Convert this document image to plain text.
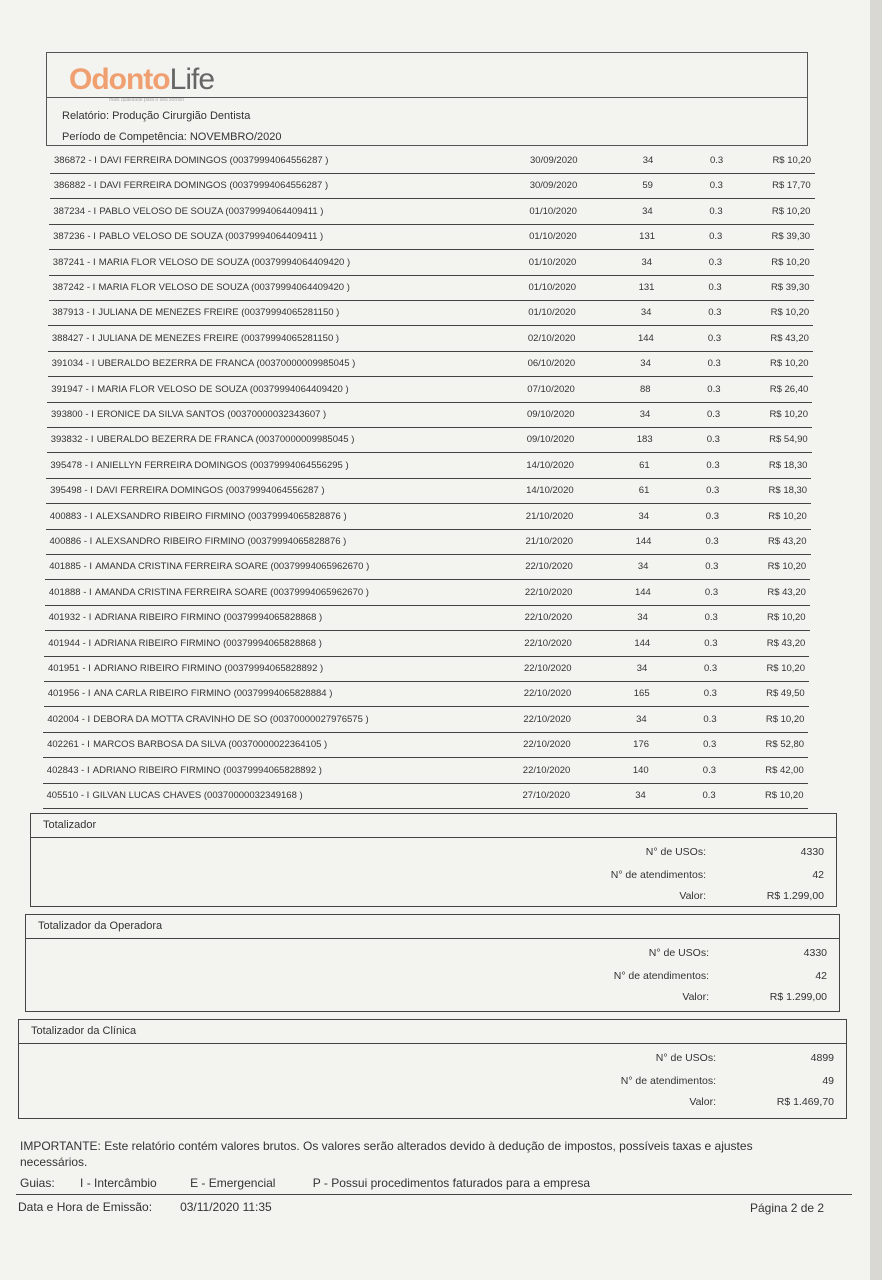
OdontoLife
mais qualidade para o seu sorriso
Relatório: Produção Cirurgião Dentista
Período de Competência: NOVEMBRO/2020
386872 - I DAVI FERREIRA DOMINGOS (00379994064556287 )	30/09/2020	34	0.3	R$ 10,20
386882 - I DAVI FERREIRA DOMINGOS (00379994064556287 )	30/09/2020	59	0.3	R$ 17,70
387234 - I PABLO VELOSO DE SOUZA (00379994064409411 )	01/10/2020	34	0.3	R$ 10,20
387236 - I PABLO VELOSO DE SOUZA (00379994064409411 )	01/10/2020	131	0.3	R$ 39,30
387241 - I MARIA FLOR VELOSO DE SOUZA (00379994064409420 )	01/10/2020	34	0.3	R$ 10,20
387242 - I MARIA FLOR VELOSO DE SOUZA (00379994064409420 )	01/10/2020	131	0.3	R$ 39,30
387913 - I JULIANA DE MENEZES FREIRE (00379994065281150 )	01/10/2020	34	0.3	R$ 10,20
388427 - I JULIANA DE MENEZES FREIRE (00379994065281150 )	02/10/2020	144	0.3	R$ 43,20
391034 - I UBERALDO BEZERRA DE FRANCA (00370000009985045 )	06/10/2020	34	0.3	R$ 10,20
391947 - I MARIA FLOR VELOSO DE SOUZA (00379994064409420 )	07/10/2020	88	0.3	R$ 26,40
393800 - I ERONICE DA SILVA SANTOS (00370000032343607 )	09/10/2020	34	0.3	R$ 10,20
393832 - I UBERALDO BEZERRA DE FRANCA (00370000009985045 )	09/10/2020	183	0.3	R$ 54,90
395478 - I ANIELLYN FERREIRA DOMINGOS (00379994064556295 )	14/10/2020	61	0.3	R$ 18,30
395498 - I DAVI FERREIRA DOMINGOS (00379994064556287 )	14/10/2020	61	0.3	R$ 18,30
400883 - I ALEXSANDRO RIBEIRO FIRMINO (00379994065828876 )	21/10/2020	34	0.3	R$ 10,20
400886 - I ALEXSANDRO RIBEIRO FIRMINO (00379994065828876 )	21/10/2020	144	0.3	R$ 43,20
401885 - I AMANDA CRISTINA FERREIRA SOARE (00379994065962670 )	22/10/2020	34	0.3	R$ 10,20
401888 - I AMANDA CRISTINA FERREIRA SOARE (00379994065962670 )	22/10/2020	144	0.3	R$ 43,20
401932 - I ADRIANA RIBEIRO FIRMINO (00379994065828868 )	22/10/2020	34	0.3	R$ 10,20
401944 - I ADRIANA RIBEIRO FIRMINO (00379994065828868 )	22/10/2020	144	0.3	R$ 43,20
401951 - I ADRIANO RIBEIRO FIRMINO (00379994065828892 )	22/10/2020	34	0.3	R$ 10,20
401956 - I ANA CARLA RIBEIRO FIRMINO (00379994065828884 )	22/10/2020	165	0.3	R$ 49,50
402004 - I DEBORA DA MOTTA CRAVINHO DE SO (00370000027976575 )	22/10/2020	34	0.3	R$ 10,20
402261 - I MARCOS BARBOSA DA SILVA (00370000022364105 )	22/10/2020	176	0.3	R$ 52,80
402843 - I ADRIANO RIBEIRO FIRMINO (00379994065828892 )	22/10/2020	140	0.3	R$ 42,00
405510 - I GILVAN LUCAS CHAVES (00370000032349168 )	27/10/2020	34	0.3	R$ 10,20
Totalizador
N° de USOs:	4330
N° de atendimentos:	42
Valor:	R$ 1.299,00
Totalizador da Operadora
N° de USOs:	4330
N° de atendimentos:	42
Valor:	R$ 1.299,00
Totalizador da Clínica
N° de USOs:	4899
N° de atendimentos:	49
Valor:	R$ 1.469,70
IMPORTANTE: Este relatório contém valores brutos. Os valores serão alterados devido à dedução de impostos, possíveis taxas e ajustes necessários.
Guias: I - Intercâmbio	E - Emergencial	P - Possui procedimentos faturados para a empresa
Data e Hora de Emissão: 03/11/2020 11:35	Página 2 de 2
